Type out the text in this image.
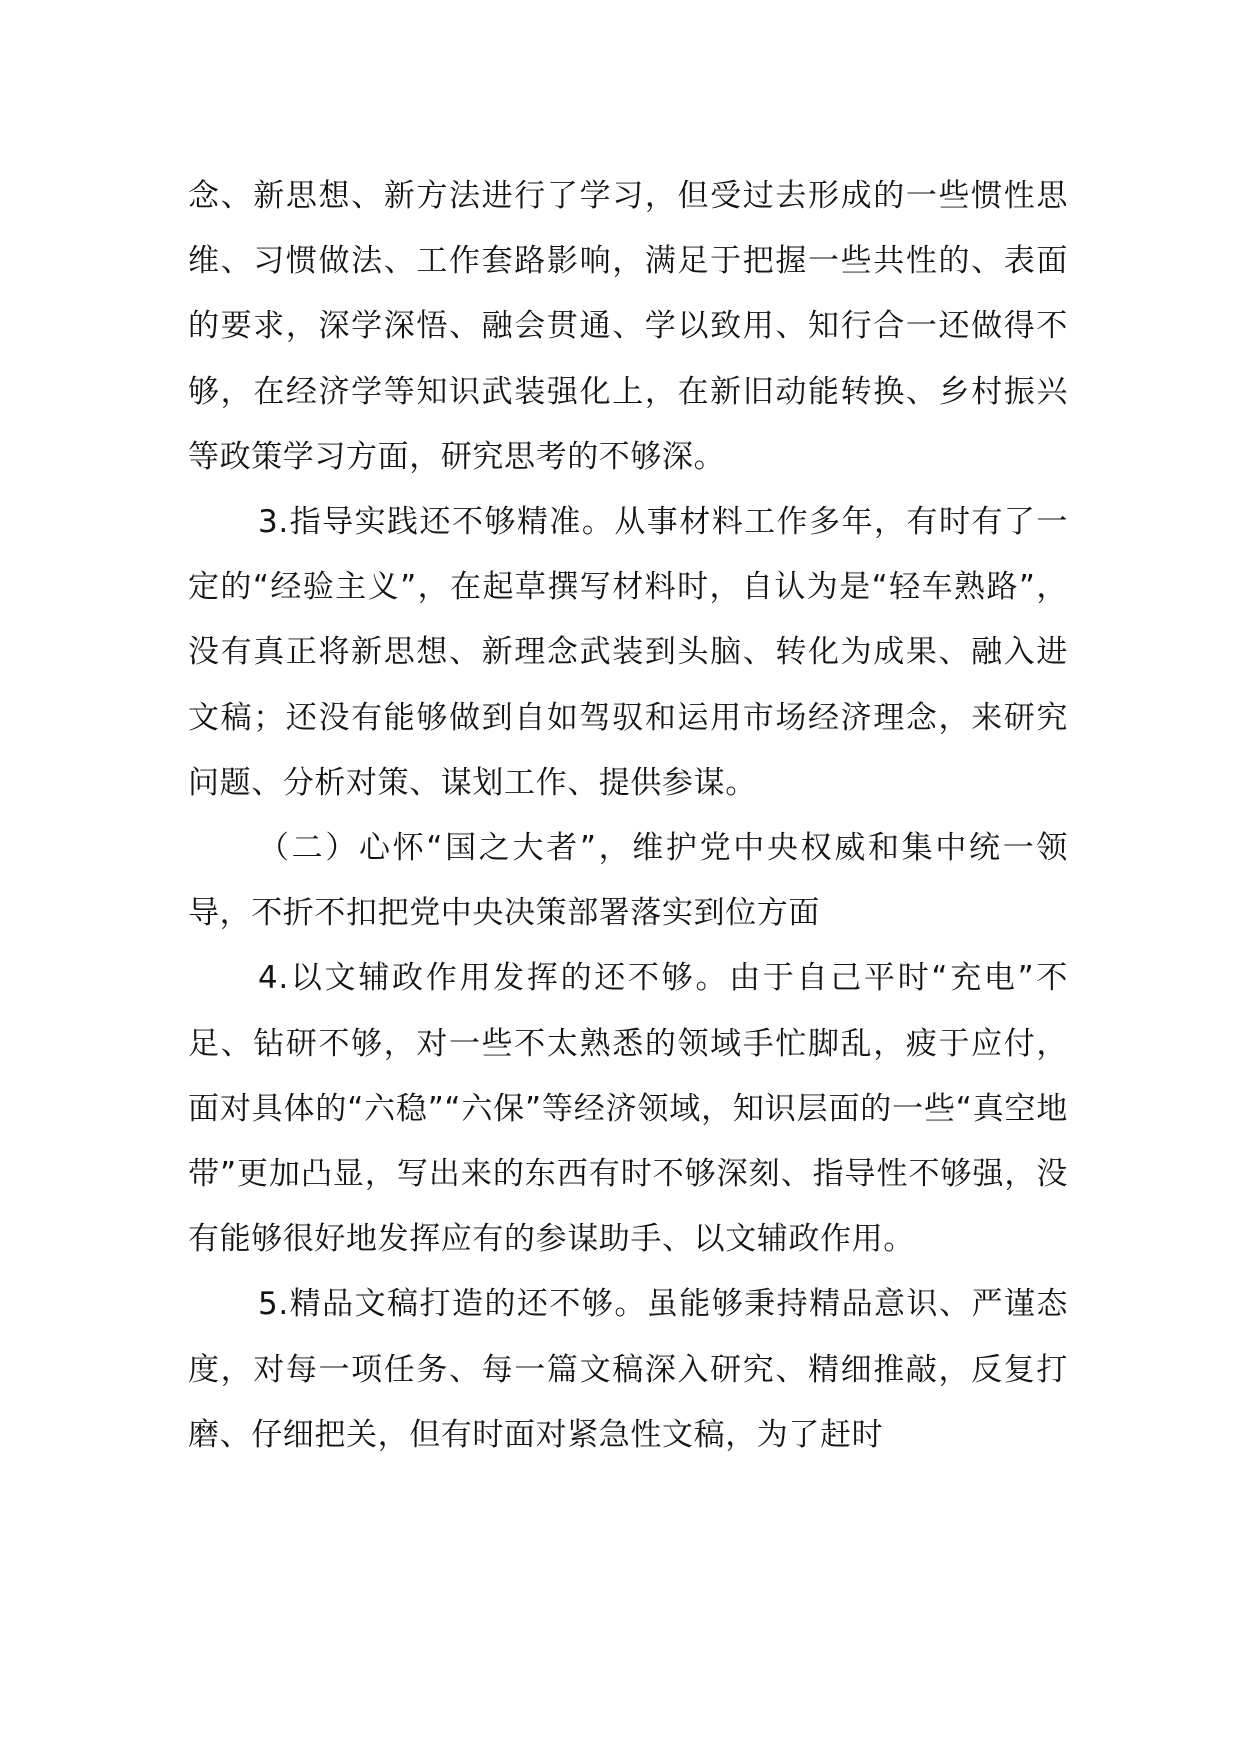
念、新思想、新方法进行了学习，但受过去形成的一些惯性思维、习惯做法、工作套路影响，满足于把握一些共性的、表面的要求，深学深悟、融会贯通、学以致用、知行合一还做得不够，在经济学等知识武装强化上，在新旧动能转换、乡村振兴等政策学习方面，研究思考的不够深。

3.指导实践还不够精准。从事材料工作多年，有时有了一定的“经验主义”，在起草撰写材料时，自认为是“轻车熟路”，没有真正将新思想、新理念武装到头脑、转化为成果、融入进文稿；还没有能够做到自如驾驭和运用市场经济理念，来研究问题、分析对策、谋划工作、提供参谋。

（二）心怀“国之大者”，维护党中央权威和集中统一领导，不折不扣把党中央决策部署落实到位方面

4.以文辅政作用发挥的还不够。由于自己平时“充电”不足、钻研不够，对一些不太熟悉的领域手忙脚乱，疲于应付，面对具体的“六稳”“六保”等经济领域，知识层面的一些“真空地带”更加凸显，写出来的东西有时不够深刻、指导性不够强，没有能够很好地发挥应有的参谋助手、以文辅政作用。

5.精品文稿打造的还不够。虽能够秉持精品意识、严谨态度，对每一项任务、每一篇文稿深入研究、精细推敲，反复打磨、仔细把关，但有时面对紧急性文稿，为了赶时
